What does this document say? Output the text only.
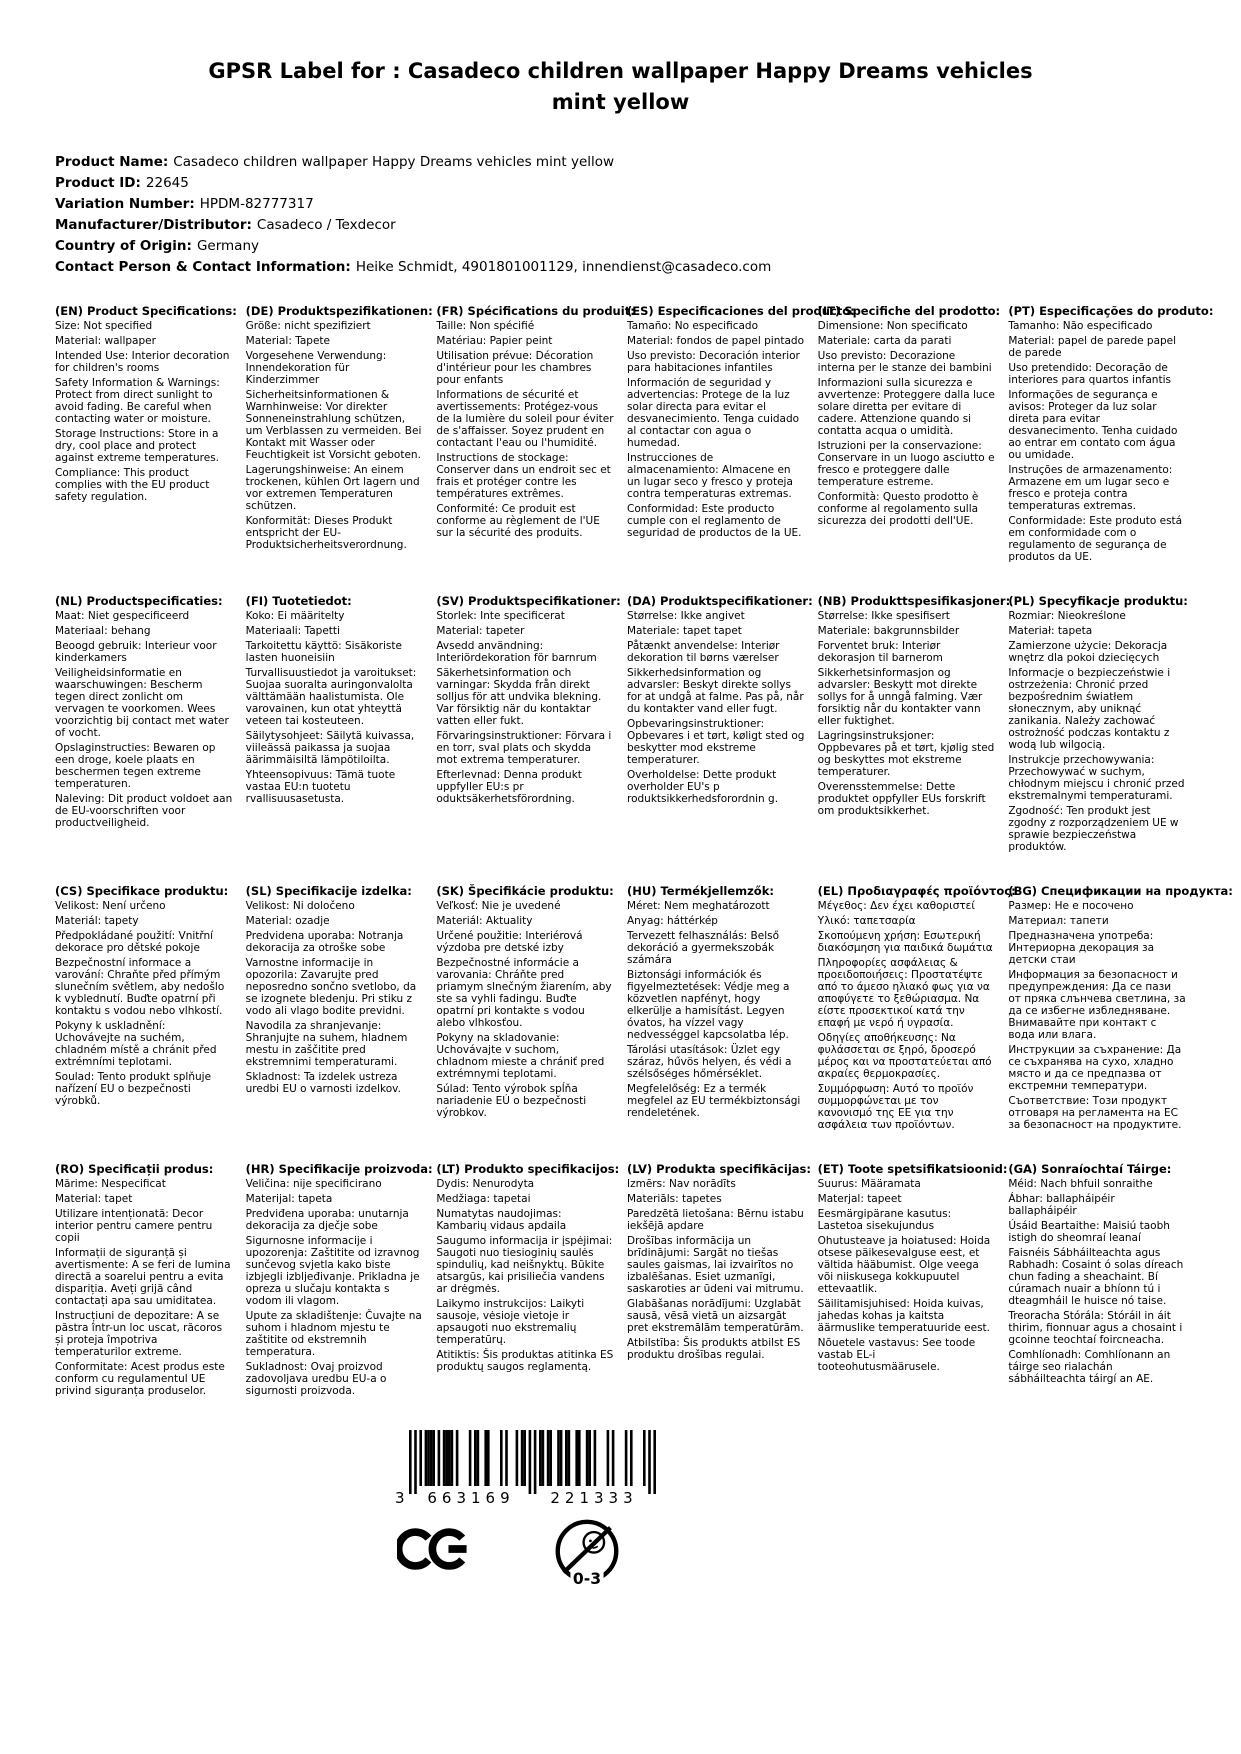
GPSR Label for : Casadeco children wallpaper Happy Dreams vehicles
mint yellow
Product Name: Casadeco children wallpaper Happy Dreams vehicles mint yellow
Product ID: 22645
Variation Number: HPDM-82777317
Manufacturer/Distributor: Casadeco / Texdecor
Country of Origin: Germany
Contact Person & Contact Information: Heike Schmidt, 4901801001129, innendienst@casadeco.com
(EN) Product Specifications:
Size: Not specified
Material: wallpaper
Intended Use: Interior decoration for children's rooms
Safety Information & Warnings: Protect from direct sunlight to avoid fading. Be careful when contacting water or moisture.
Storage Instructions: Store in a dry, cool place and protect against extreme temperatures.
Compliance: This product complies with the EU product safety regulation.
(DE) Produktspezifikationen:
Größe: nicht spezifiziert
Material: Tapete
Vorgesehene Verwendung: Innendekoration für Kinderzimmer
Sicherheitsinformationen & Warnhinweise: Vor direkter Sonneneinstrahlung schützen, um Verblassen zu vermeiden. Bei Kontakt mit Wasser oder Feuchtigkeit ist Vorsicht geboten.
Lagerungshinweise: An einem trockenen, kühlen Ort lagern und vor extremen Temperaturen schützen.
Konformität: Dieses Produkt entspricht der EU-Produktsicherheitsverordnung.
(FR) Spécifications du produit:
Taille: Non spécifié
Matériau: Papier peint
Utilisation prévue: Décoration d'intérieur pour les chambres pour enfants
Informations de sécurité et avertissements: Protégez-vous de la lumière du soleil pour éviter de s'affaisser. Soyez prudent en contactant l'eau ou l'humidité.
Instructions de stockage: Conserver dans un endroit sec et frais et protéger contre les températures extrêmes.
Conformité: Ce produit est conforme au règlement de l'UE sur la sécurité des produits.
(ES) Especificaciones del producto:
Tamaño: No especificado
Material: fondos de papel pintado
Uso previsto: Decoración interior para habitaciones infantiles
Información de seguridad y advertencias: Protege de la luz solar directa para evitar el desvanecimiento. Tenga cuidado al contactar con agua o humedad.
Instrucciones de almacenamiento: Almacene en un lugar seco y fresco y proteja contra temperaturas extremas.
Conformidad: Este producto cumple con el reglamento de seguridad de productos de la UE.
(IT) Specifiche del prodotto:
Dimensione: Non specificato
Materiale: carta da parati
Uso previsto: Decorazione interna per le stanze dei bambini
Informazioni sulla sicurezza e avvertenze: Proteggere dalla luce solare diretta per evitare di cadere. Attenzione quando si contatta acqua o umidità.
Istruzioni per la conservazione: Conservare in un luogo asciutto e fresco e proteggere dalle temperature estreme.
Conformità: Questo prodotto è conforme al regolamento sulla sicurezza dei prodotti dell'UE.
(PT) Especificações do produto:
Tamanho: Não especificado
Material: papel de parede papel de parede
Uso pretendido: Decoração de interiores para quartos infantis
Informações de segurança e avisos: Proteger da luz solar direta para evitar desvanecimento. Tenha cuidado ao entrar em contato com água ou umidade.
Instruções de armazenamento: Armazene em um lugar seco e fresco e proteja contra temperaturas extremas.
Conformidade: Este produto está em conformidade com o regulamento de segurança de produtos da UE.
(NL) Productspecificaties:
Maat: Niet gespecificeerd
Materiaal: behang
Beoogd gebruik: Interieur voor kinderkamers
Veiligheidsinformatie en waarschuwingen: Bescherm tegen direct zonlicht om vervagen te voorkomen. Wees voorzichtig bij contact met water of vocht.
Opslaginstructies: Bewaren op een droge, koele plaats en beschermen tegen extreme temperaturen.
Naleving: Dit product voldoet aan de EU-voorschriften voor productveiligheid.
(FI) Tuotetiedot:
Koko: Ei määritelty
Materiaali: Tapetti
Tarkoitettu käyttö: Sisäkoriste lasten huoneisiin
Turvallisuustiedot ja varoitukset: Suojaa suoralta auringonvalolta välttämään haalistumista. Ole varovainen, kun otat yhteyttä veteen tai kosteuteen.
Säilytysohjeet: Säilytä kuivassa, viileässä paikassa ja suojaa äärimmäisiltä lämpötiloilta.
Yhteensopivuus: Tämä tuote vastaa EU:n tuotetu rvallisuusasetusta.
(SV) Produktspecifikationer:
Storlek: Inte specificerat
Material: tapeter
Avsedd användning: Interiördekoration för barnrum
Säkerhetsinformation och varningar: Skydda från direkt solljus för att undvika blekning. Var försiktig när du kontaktar vatten eller fukt.
Förvaringsinstruktioner: Förvara i en torr, sval plats och skydda mot extrema temperaturer.
Efterlevnad: Denna produkt uppfyller EU:s pr oduktsäkerhetsförordning.
(DA) Produktspecifikationer:
Størrelse: Ikke angivet
Materiale: tapet tapet
Påtænkt anvendelse: Interiør dekoration til børns værelser
Sikkerhedsinformation og advarsler: Beskyt direkte sollys for at undgå at falme. Pas på, når du kontakter vand eller fugt.
Opbevaringsinstruktioner: Opbevares i et tørt, køligt sted og beskytter mod ekstreme temperaturer.
Overholdelse: Dette produkt overholder EU's p roduktsikkerhedsforordnin g.
(NB) Produkttspesifikasjoner:
Størrelse: Ikke spesifisert
Materiale: bakgrunnsbilder
Forventet bruk: Interiør dekorasjon til barnerom
Sikkerhetsinformasjon og advarsler: Beskytt mot direkte sollys for å unngå falming. Vær forsiktig når du kontakter vann eller fuktighet.
Lagringsinstruksjoner: Oppbevares på et tørt, kjølig sted og beskyttes mot ekstreme temperaturer.
Overensstemmelse: Dette produktet oppfyller EUs forskrift om produktsikkerhet.
(PL) Specyfikacje produktu:
Rozmiar: Nieokreślone
Materiał: tapeta
Zamierzone użycie: Dekoracja wnętrz dla pokoi dziecięcych
Informacje o bezpieczeństwie i ostrzeżenia: Chronić przed bezpośrednim światłem słonecznym, aby uniknąć zanikania. Należy zachować ostrożność podczas kontaktu z wodą lub wilgocią.
Instrukcje przechowywania: Przechowywać w suchym, chłodnym miejscu i chronić przed ekstremalnymi temperaturami.
Zgodność: Ten produkt jest zgodny z rozporządzeniem UE w sprawie bezpieczeństwa produktów.
(CS) Specifikace produktu:
Velikost: Není určeno
Materiál: tapety
Předpokládané použití: Vnitřní dekorace pro dětské pokoje
Bezpečnostní informace a varování: Chraňte před přímým slunečním světlem, aby nedošlo k vyblednutí. Buďte opatrní při kontaktu s vodou nebo vlhkostí.
Pokyny k uskladnění: Uchovávejte na suchém, chladném místě a chránit před extrémními teplotami.
Soulad: Tento produkt splňuje nařízení EU o bezpečnosti výrobků.
(SL) Specifikacije izdelka:
Velikost: Ni določeno
Material: ozadje
Predvidena uporaba: Notranja dekoracija za otroške sobe
Varnostne informacije in opozorila: Zavarujte pred neposredno sončno svetlobo, da se izognete bledenju. Pri stiku z vodo ali vlago bodite previdni.
Navodila za shranjevanje: Shranjujte na suhem, hladnem mestu in zaščitite pred ekstremnimi temperaturami.
Skladnost: Ta izdelek ustreza uredbi EU o varnosti izdelkov.
(SK) Špecifikácie produktu:
Veľkosť: Nie je uvedené
Materiál: Aktuality
Určené použitie: Interiérová výzdoba pre detské izby
Bezpečnostné informácie a varovania: Chráňte pred priamym slnečným žiarením, aby ste sa vyhli fadingu. Buďte opatrní pri kontakte s vodou alebo vlhkosťou.
Pokyny na skladovanie: Uchovávajte v suchom, chladnom mieste a chrániť pred extrémnymi teplotami.
Súlad: Tento výrobok spĺňa nariadenie EÚ o bezpečnosti výrobkov.
(HU) Termékjellemzők:
Méret: Nem meghatározott
Anyag: háttérkép
Tervezett felhasználás: Belső dekoráció a gyermekszobák számára
Biztonsági információk és figyelmeztetések: Védje meg a közvetlen napfényt, hogy elkerülje a hamisítást. Legyen óvatos, ha vízzel vagy nedvességgel kapcsolatba lép.
Tárolási utasítások: Üzlet egy száraz, hűvös helyen, és védi a szélsőséges hőmérséklet.
Megfelelőség: Ez a termék megfelel az EU termékbiztonsági rendeletének.
(EL) Προδιαγραφές προϊόντος:
Μέγεθος: Δεν έχει καθοριστεί
Υλικό: ταπετσαρία
Σκοπούμενη χρήση: Εσωτερική διακόσμηση για παιδικά δωμάτια
Πληροφορίες ασφάλειας & προειδοποιήσεις: Προστατέψτε από το άμεσο ηλιακό φως για να αποφύγετε το ξεθώριασμα. Να είστε προσεκτικοί κατά την επαφή με νερό ή υγρασία.
Οδηγίες αποθήκευσης: Να φυλάσσεται σε ξηρό, δροσερό μέρος και να προστατεύεται από ακραίες θερμοκρασίες.
Συμμόρφωση: Αυτό το προϊόν συμμορφώνεται με τον κανονισμό της ΕΕ για την ασφάλεια των προϊόντων.
(BG) Спецификации на продукта:
Размер: Не е посочено
Материал: тапети
Предназначена употреба: Интериорна декорация за детски стаи
Информация за безопасност и предупреждения: Да се пази от пряка слънчева светлина, за да се избегне избледняване. Внимавайте при контакт с вода или влага.
Инструкции за съхранение: Да се съхранява на сухо, хладно място и да се предпазва от екстремни температури.
Съответствие: Този продукт отговаря на регламента на ЕС за безопасност на продуктите.
(RO) Specificații produs:
Mărime: Nespecificat
Material: tapet
Utilizare intenționată: Decor interior pentru camere pentru copii
Informații de siguranță și avertismente: A se feri de lumina directă a soarelui pentru a evita dispariția. Aveți grijă când contactați apa sau umiditatea.
Instrucțiuni de depozitare: A se păstra într-un loc uscat, răcoros și proteja împotriva temperaturilor extreme.
Conformitate: Acest produs este conform cu regulamentul UE privind siguranța produselor.
(HR) Specifikacije proizvoda:
Veličina: nije specificirano
Materijal: tapeta
Predviđena uporaba: unutarnja dekoracija za dječje sobe
Sigurnosne informacije i upozorenja: Zaštitite od izravnog sunčevog svjetla kako biste izbjegli izbljeđivanje. Prikladna je opreza u slučaju kontakta s vodom ili vlagom.
Upute za skladištenje: Čuvajte na suhom i hladnom mjestu te zaštitite od ekstremnih temperatura.
Sukladnost: Ovaj proizvod zadovoljava uredbu EU-a o sigurnosti proizvoda.
(LT) Produkto specifikacijos:
Dydis: Nenurodyta
Medžiaga: tapetai
Numatytas naudojimas: Kambarių vidaus apdaila
Saugumo informacija ir įspėjimai: Saugoti nuo tiesioginių saulės spindulių, kad neišnyktų. Būkite atsargūs, kai prisiliečia vandens ar drėgmės.
Laikymo instrukcijos: Laikyti sausoje, vėsioje vietoje ir apsaugoti nuo ekstremalių temperatūrų.
Atitiktis: Šis produktas atitinka ES produktų saugos reglamentą.
(LV) Produkta specifikācijas:
Izmērs: Nav norādīts
Materiāls: tapetes
Paredzētā lietošana: Bērnu istabu iekšējā apdare
Drošības informācija un brīdinājumi: Sargāt no tiešas saules gaismas, lai izvairītos no izbalēšanas. Esiet uzmanīgi, saskaroties ar ūdeni vai mitrumu.
Glabāšanas norādījumi: Uzglabāt sausā, vēsā vietā un aizsargāt pret ekstremālām temperatūrām.
Atbilstība: Šis produkts atbilst ES produktu drošības regulai.
(ET) Toote spetsifikatsioonid:
Suurus: Määramata
Materjal: tapeet
Eesmärgipärane kasutus: Lastetoa sisekujundus
Ohutusteave ja hoiatused: Hoida otsese päikesevalguse eest, et vältida hääbumist. Olge veega või niiskusega kokkupuutel ettevaatlik.
Säilitamisjuhised: Hoida kuivas, jahedas kohas ja kaitsta äärmuslike temperatuuride eest.
Nõuetele vastavus: See toode vastab EL-i tooteohutusmäärusele.
(GA) Sonraíochtaí Táirge:
Méid: Nach bhfuil sonraithe
Ábhar: ballapháipéir ballapháipéir
Úsáid Beartaithe: Maisiú taobh istigh do sheomraí leanaí
Faisnéis Sábháilteachta agus Rabhadh: Cosaint ó solas díreach chun fading a sheachaint. Bí cúramach nuair a bhíonn tú i dteagmháil le huisce nó taise.
Treoracha Stórála: Stóráil in áit thirim, fionnuar agus a chosaint i gcoinne teochtaí foircneacha.
Comhlíonadh: Comhlíonann an táirge seo rialachán sábháilteachta táirgí an AE.
3 663169 221333
0-3
